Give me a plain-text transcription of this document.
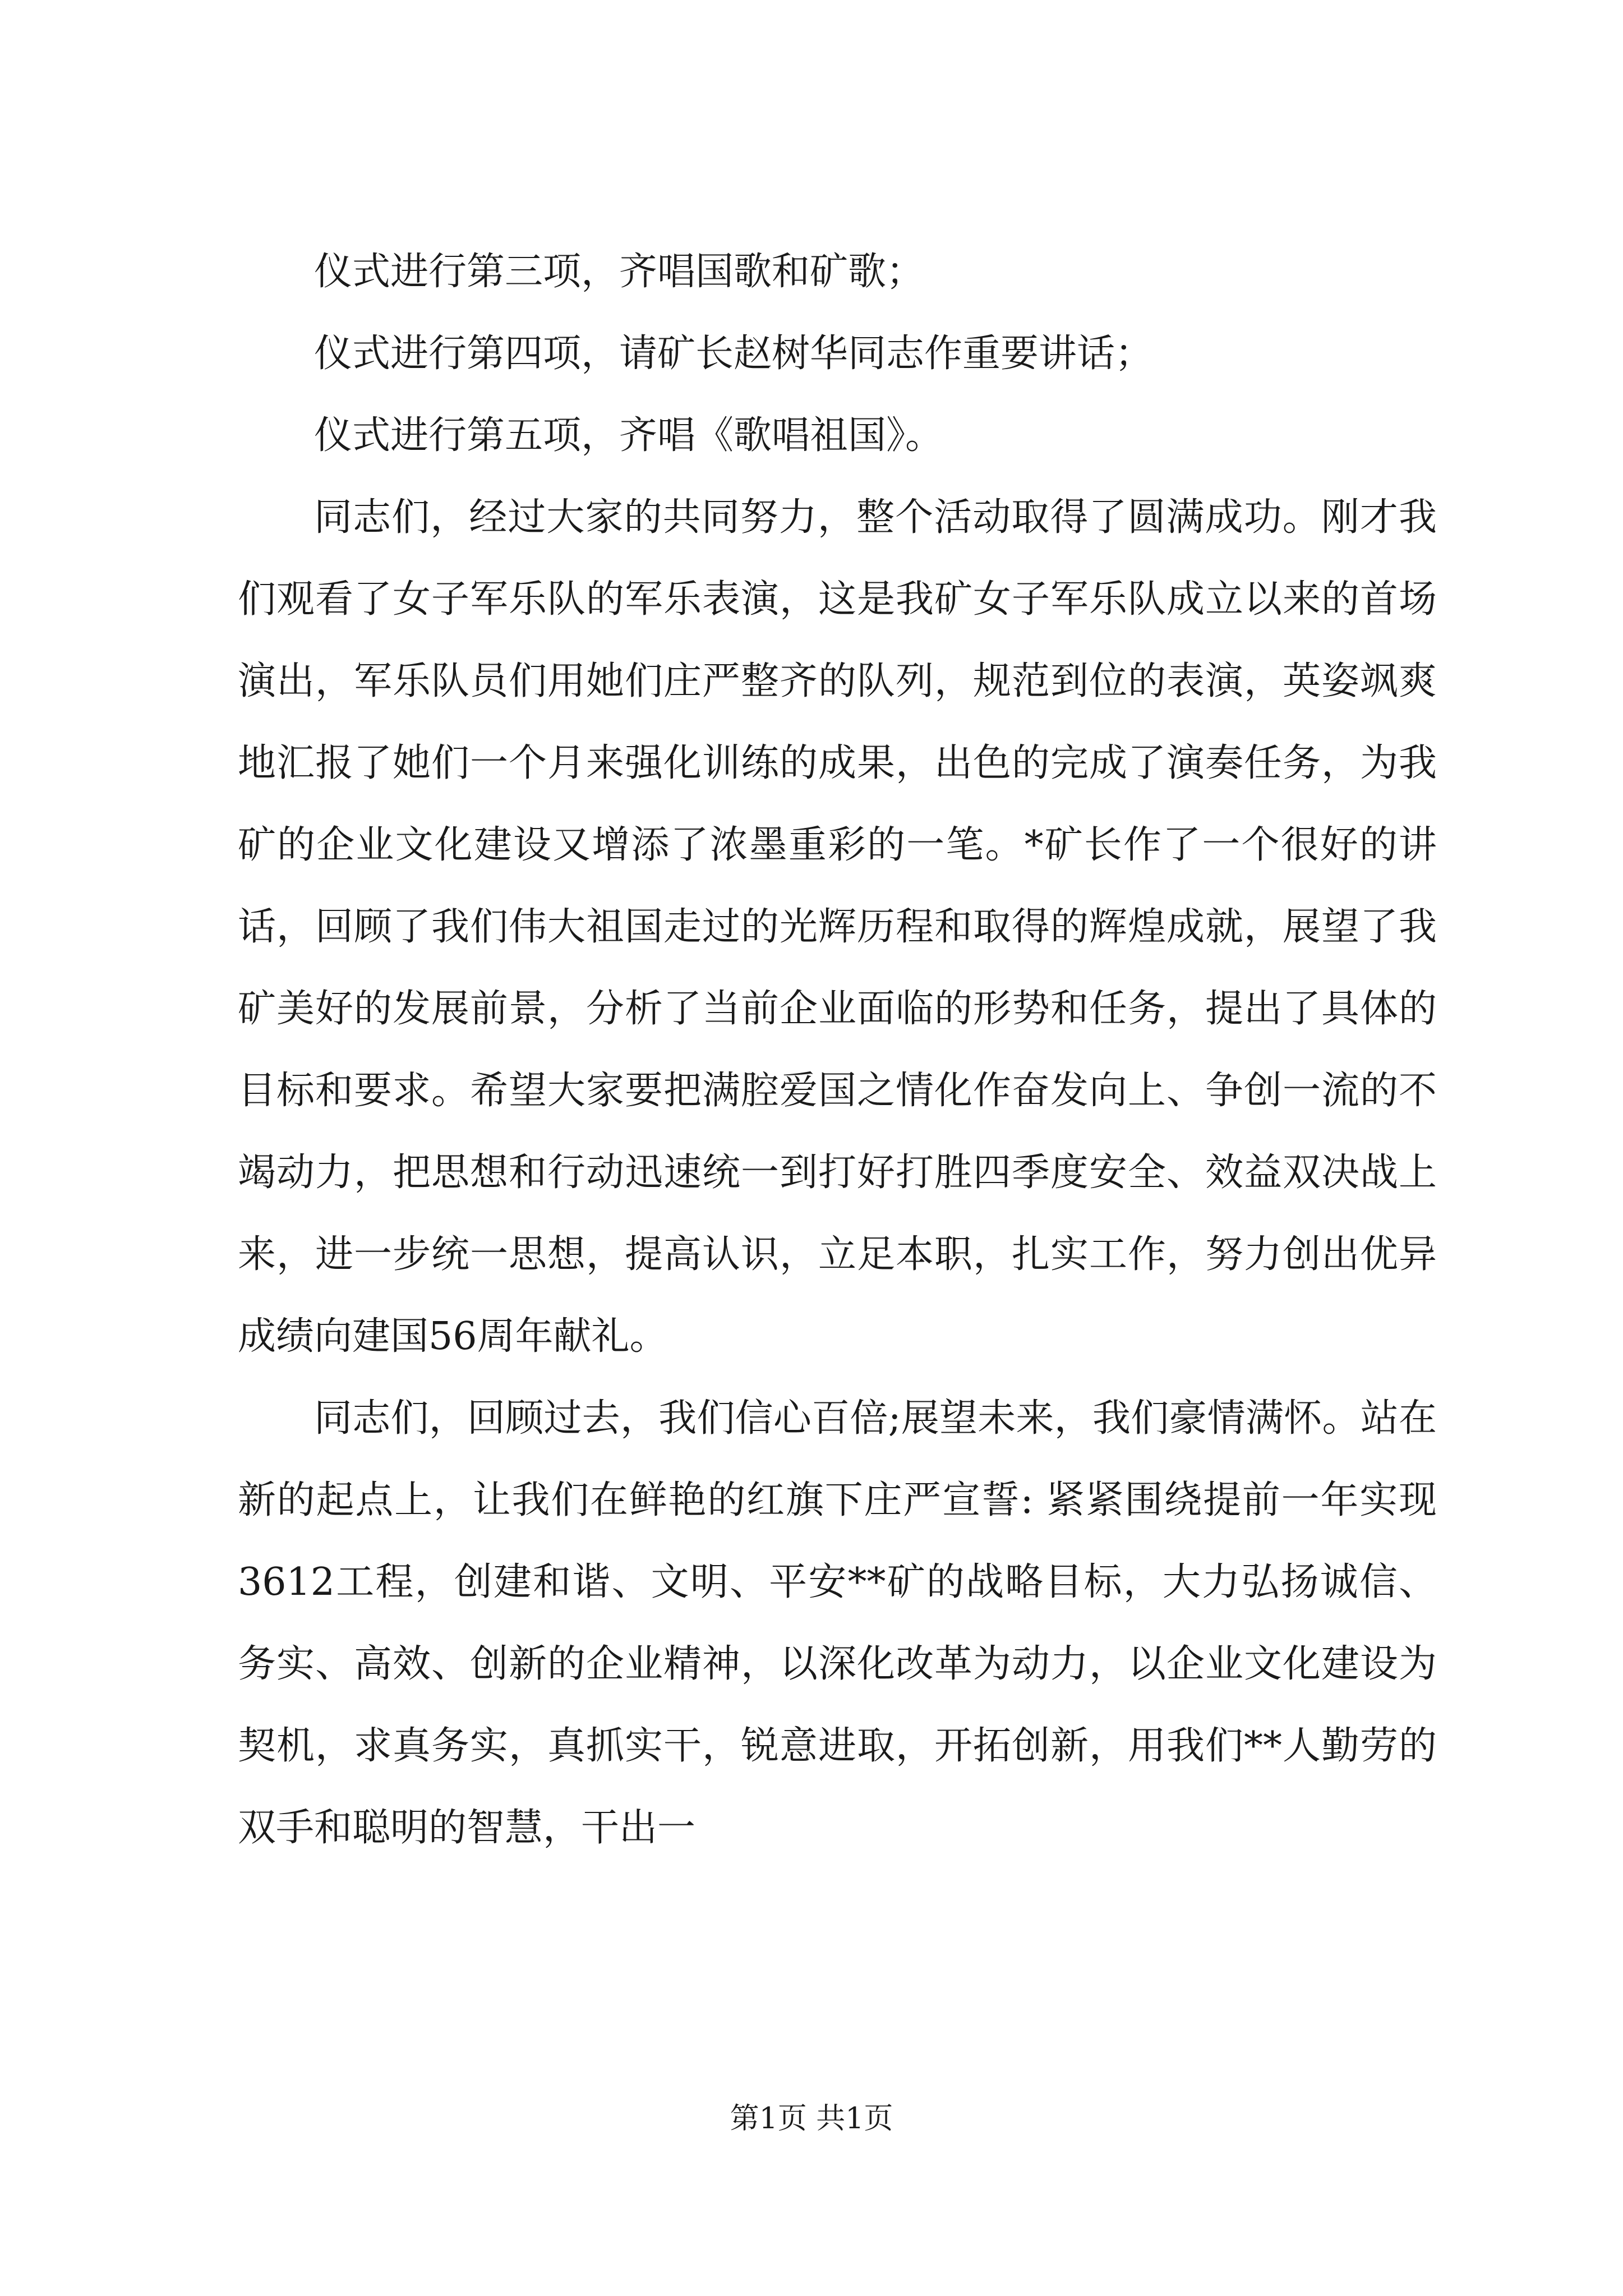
仪式进行第三项，齐唱国歌和矿歌；

仪式进行第四项，请矿长赵树华同志作重要讲话；

仪式进行第五项，齐唱《歌唱祖国》。

同志们，经过大家的共同努力，整个活动取得了圆满成功。刚才我们观看了女子军乐队的军乐表演，这是我矿女子军乐队成立以来的首场演出，军乐队员们用她们庄严整齐的队列，规范到位的表演，英姿飒爽地汇报了她们一个月来强化训练的成果，出色的完成了演奏任务，为我矿的企业文化建设又增添了浓墨重彩的一笔。*矿长作了一个很好的讲话，回顾了我们伟大祖国走过的光辉历程和取得的辉煌成就，展望了我矿美好的发展前景，分析了当前企业面临的形势和任务，提出了具体的目标和要求。希望大家要把满腔爱国之情化作奋发向上、争创一流的不竭动力，把思想和行动迅速统一到打好打胜四季度安全、效益双决战上来，进一步统一思想，提高认识，立足本职，扎实工作，努力创出优异成绩向建国56周年献礼。

同志们，回顾过去，我们信心百倍;展望未来，我们豪情满怀。站在新的起点上，让我们在鲜艳的红旗下庄严宣誓: 紧紧围绕提前一年实现3612工程，创建和谐、文明、平安**矿的战略目标，大力弘扬诚信、务实、高效、创新的企业精神，以深化改革为动力，以企业文化建设为契机，求真务实，真抓实干，锐意进取，开拓创新，用我们**人勤劳的双手和聪明的智慧，干出一

第1页 共1页
